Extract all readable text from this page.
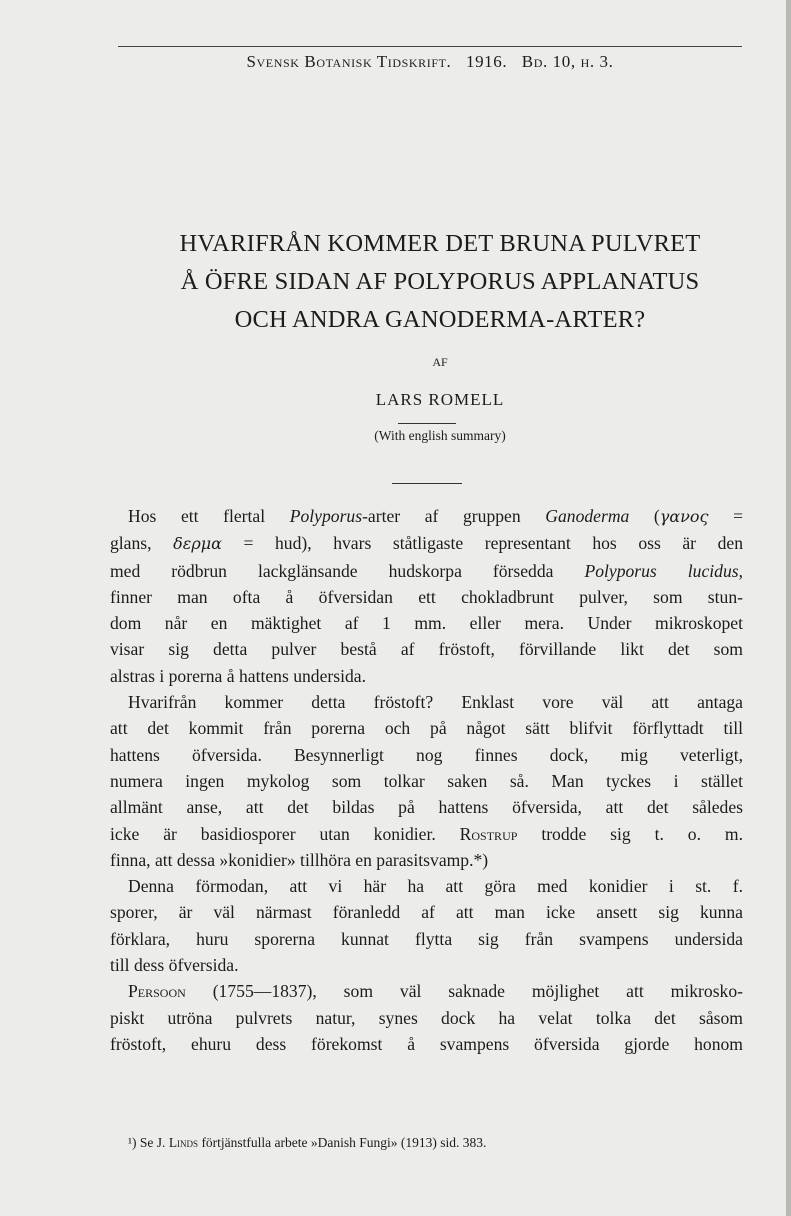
Svensk Botanisk Tidskrift. 1916. Bd. 10, h. 3.
HVARIFRÅN KOMMER DET BRUNA PULVRET
Å ÖFRE SIDAN AF POLYPORUS APPLANATUS
OCH ANDRA GANODERMA-ARTER?
AF
LARS ROMELL
(With english summary)

Hos ett flertal Polyporus-arter af gruppen Ganoderma (γανος =
glans, δερμα = hud), hvars ståtligaste representant hos oss är den
med rödbrun lackglänsande hudskorpa försedda Polyporus lucidus,
finner man ofta å öfversidan ett chokladbrunt pulver, som stun-
dom når en mäktighet af 1 mm. eller mera. Under mikroskopet
visar sig detta pulver bestå af fröstoft, förvillande likt det som
alstras i porerna å hattens undersida.

Hvarifrån kommer detta fröstoft? Enklast vore väl att antaga
att det kommit från porerna och på något sätt blifvit förflyttadt till
hattens öfversida. Besynnerligt nog finnes dock, mig veterligt,
numera ingen mykolog som tolkar saken så. Man tyckes i stället
allmänt anse, att det bildas på hattens öfversida, att det således
icke är basidiosporer utan konidier. Rostrup trodde sig t. o. m.
finna, att dessa »konidier» tillhöra en parasitsvamp.*)

Denna förmodan, att vi här ha att göra med konidier i st. f.
sporer, är väl närmast föranledd af att man icke ansett sig kunna
förklara, huru sporerna kunnat flytta sig från svampens undersida
till dess öfversida.

Persoon (1755—1837), som väl saknade möjlighet att mikrosko-
piskt utröna pulvrets natur, synes dock ha velat tolka det såsom
fröstoft, ehuru dess förekomst å svampens öfversida gjorde honom

¹) Se J. Linds förtjänstfulla arbete »Danish Fungi» (1913) sid. 383.
